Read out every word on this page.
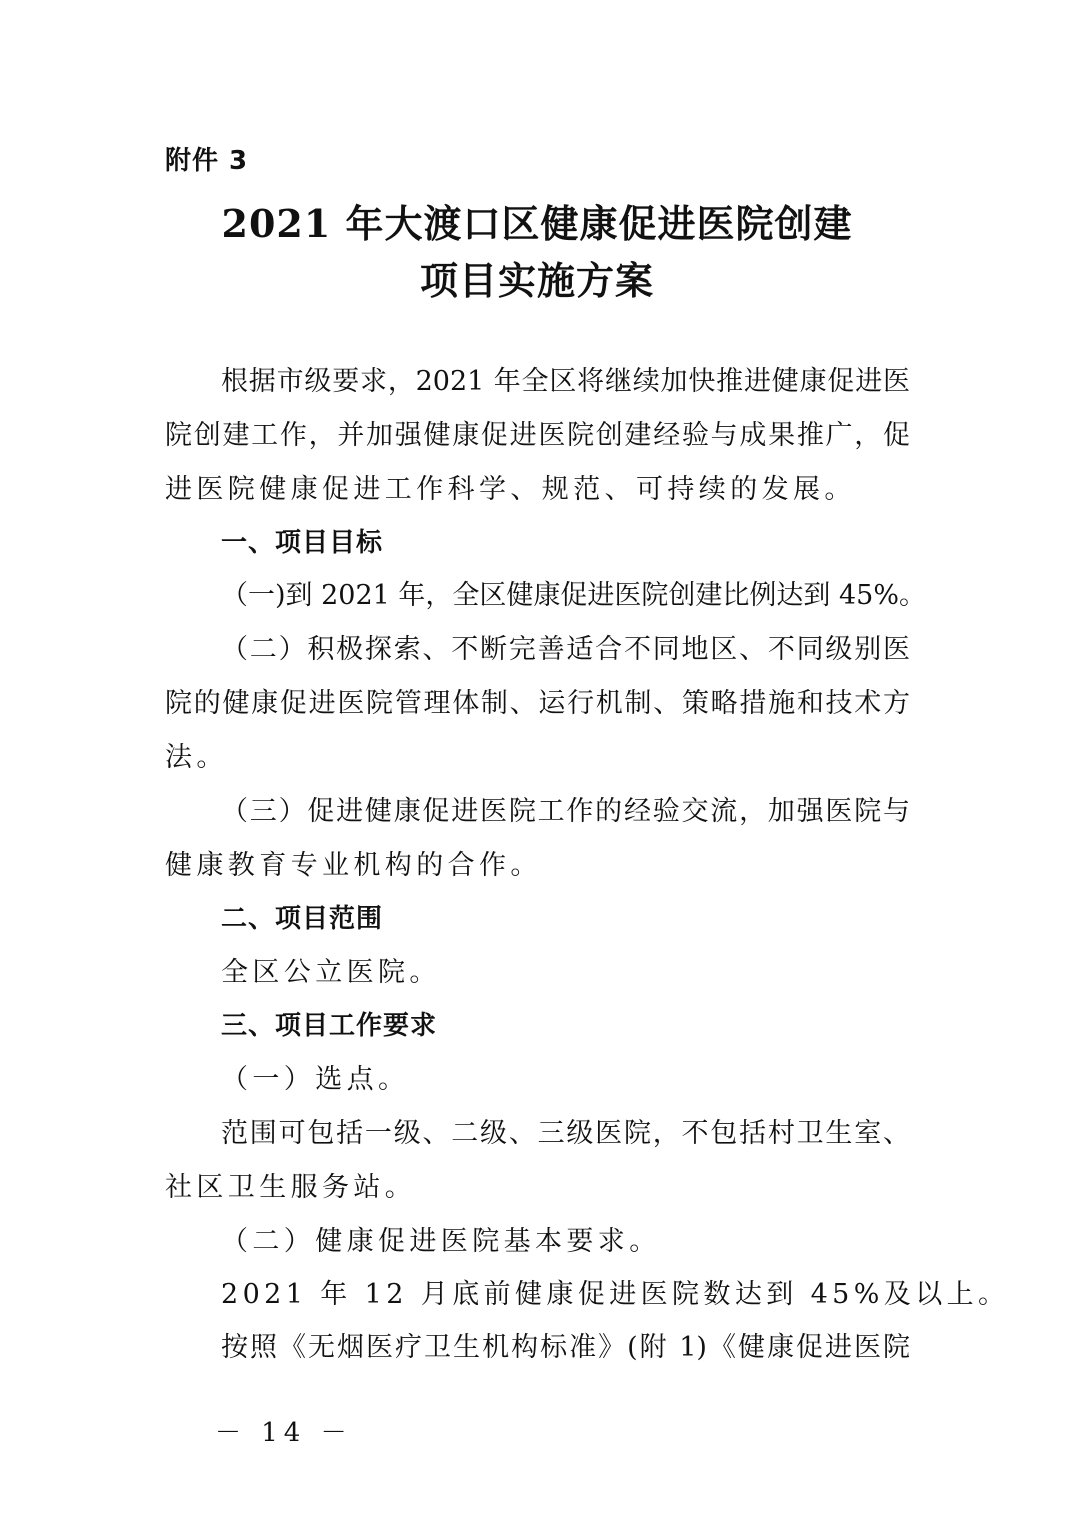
附件 3
2021 年大渡口区健康促进医院创建
项目实施方案
根据市级要求，2021 年全区将继续加快推进健康促进医
院创建工作，并加强健康促进医院创建经验与成果推广，促
进医院健康促进工作科学、规范、可持续的发展。
一、项目目标
（一)到 2021 年，全区健康促进医院创建比例达到 45%。
（二）积极探索、不断完善适合不同地区、不同级别医
院的健康促进医院管理体制、运行机制、策略措施和技术方
法。
（三）促进健康促进医院工作的经验交流，加强医院与
健康教育专业机构的合作。
二、项目范围
全区公立医院。
三、项目工作要求
（一）选点。
范围可包括一级、二级、三级医院，不包括村卫生室、
社区卫生服务站。
（二）健康促进医院基本要求。
2021 年 12 月底前健康促进医院数达到 45%及以上。
按照《无烟医疗卫生机构标准》(附 1)《健康促进医院
－ 14 －
